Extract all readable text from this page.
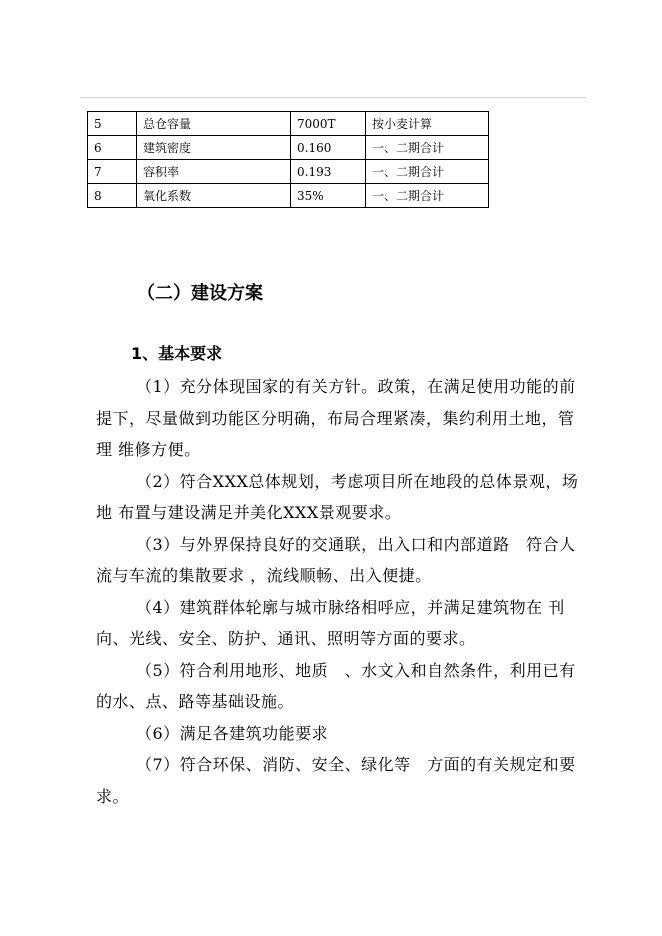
5	总仓容量	7000T	按小麦计算
6	建筑密度	0.160	一、二期合计
7	容积率	0.193	一、二期合计
8	氧化系数	35%	一、二期合计
（二）建设方案
1、基本要求

（1）充分体现国家的有关方针。政策，在满足使用功能的前提下，尽量做到功能区分明确，布局合理紧凑，集约利用土地，管理 维修方便。

（2）符合XXX总体规划，考虑项目所在地段的总体景观，场地 布置与建设满足并美化XXX景观要求。

（3）与外界保持良好的交通联，出入口和内部道路　符合人流与车流的集散要求 ，流线顺畅、出入便捷。

（4）建筑群体轮廓与城市脉络相呼应，并满足建筑物在 刊向、光线、安全、防护、通讯、照明等方面的要求。

（5）符合利用地形、地质　、水文入和自然条件，利用已有的水、点、路等基础设施。

（6）满足各建筑功能要求

（7）符合环保、消防、安全、绿化等　方面的有关规定和要求。
